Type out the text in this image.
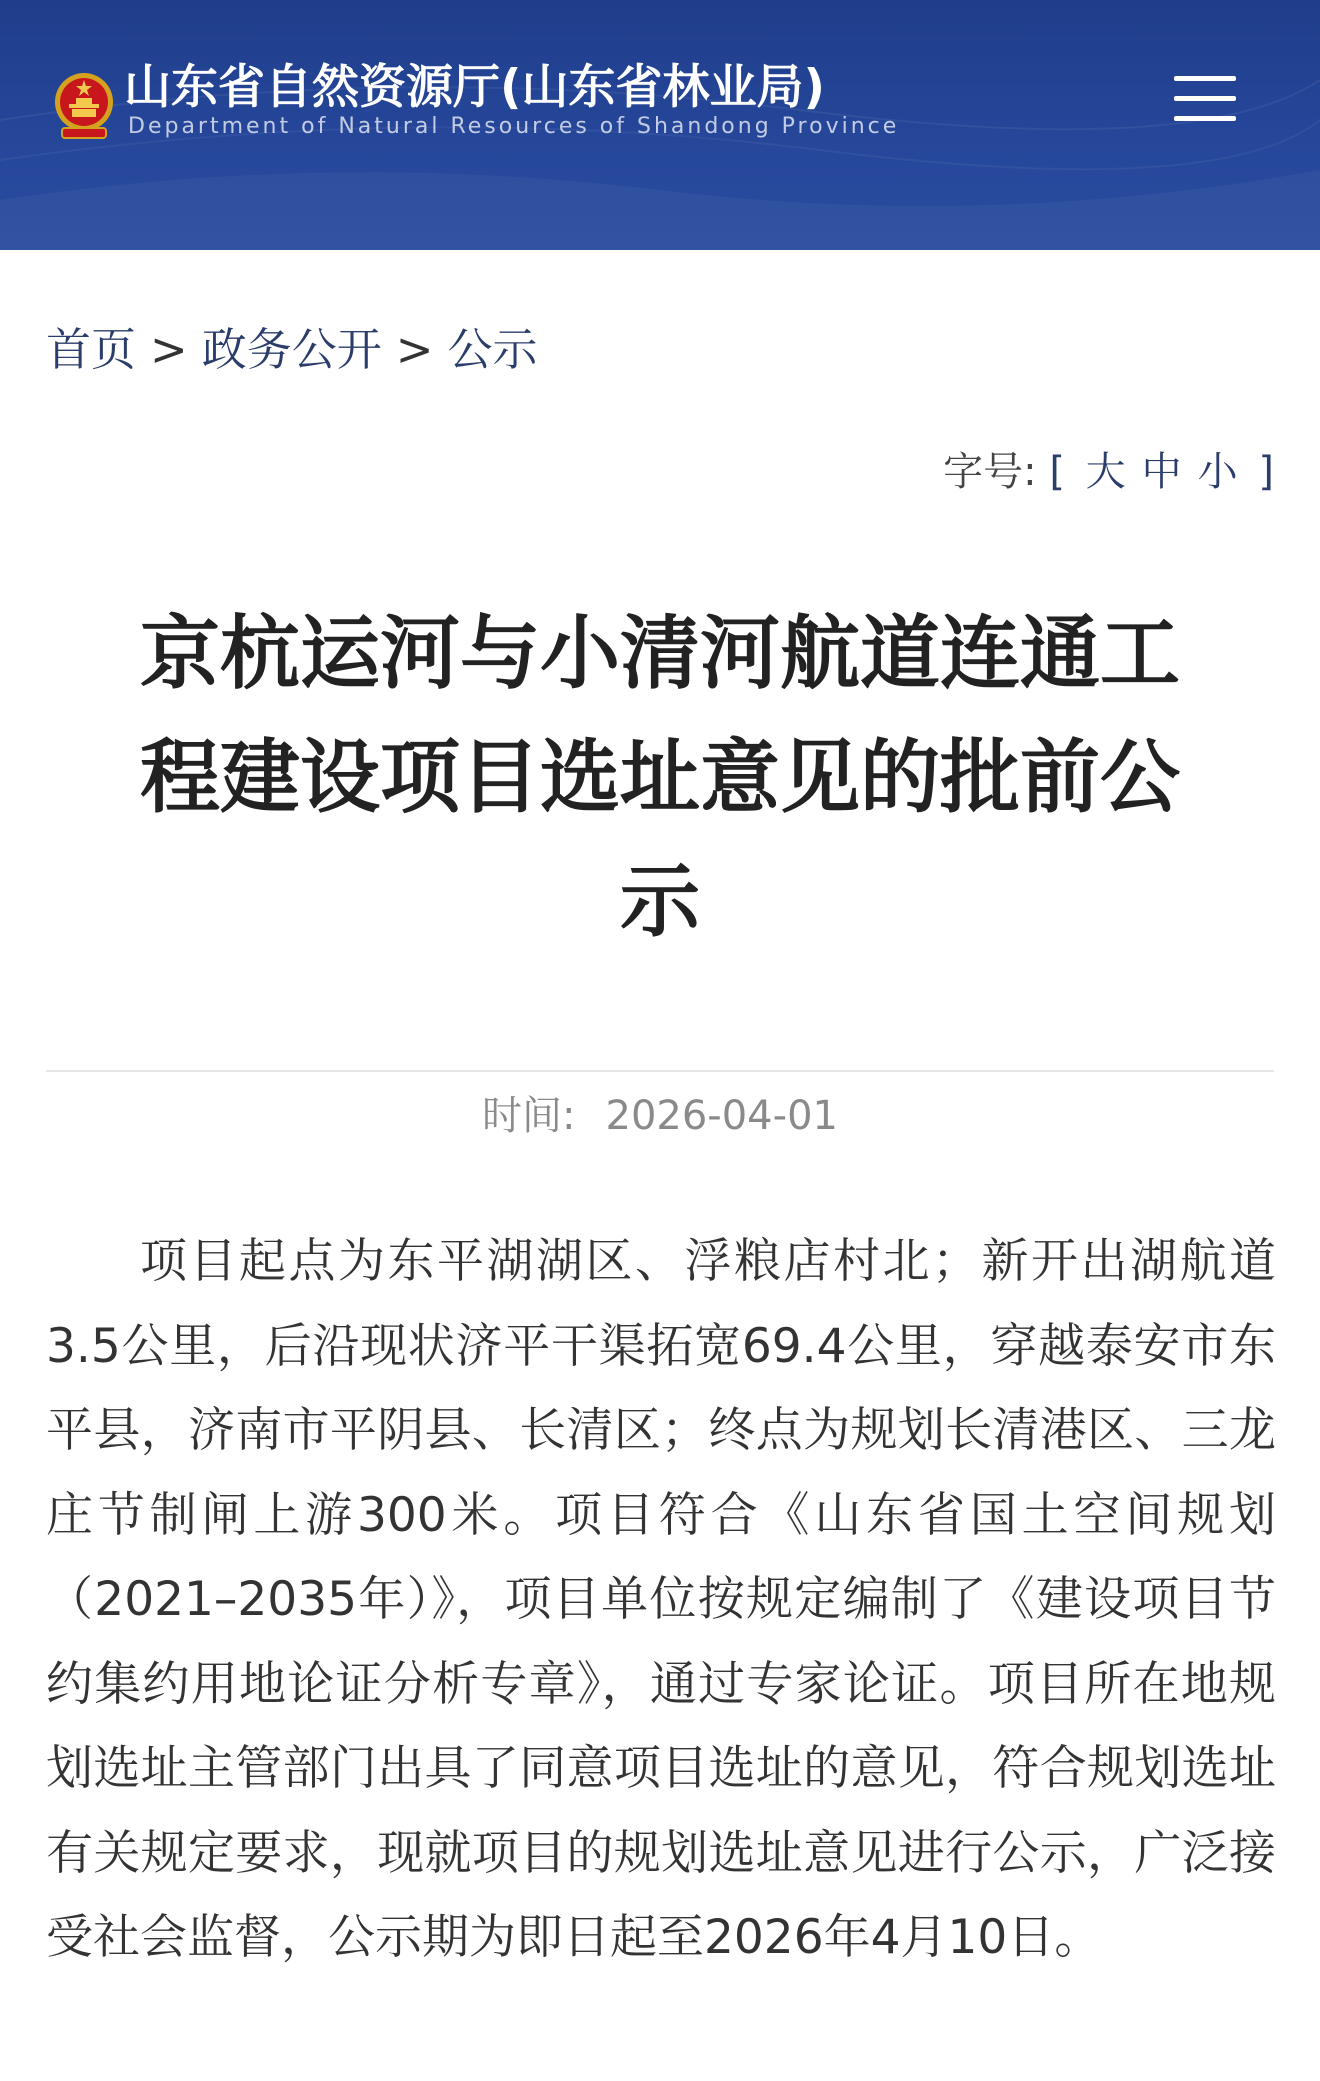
山东省自然资源厅(山东省林业局)
Department of Natural Resources of Shandong Province
首页 > 政务公开 > 公示
字号: [ 大 中 小 ]
京杭运河与小清河航道连通工程建设项目选址意见的批前公示
时间: 2026-04-01
项目起点为东平湖湖区、浮粮店村北；新开出湖航道3.5公里，后沿现状济平干渠拓宽69.4公里，穿越泰安市东平县，济南市平阴县、长清区；终点为规划长清港区、三龙庄节制闸上游300米。项目符合《山东省国土空间规划（2021–2035年）》，项目单位按规定编制了《建设项目节约集约用地论证分析专章》，通过专家论证。项目所在地规划选址主管部门出具了同意项目选址的意见，符合规划选址有关规定要求，现就项目的规划选址意见进行公示，广泛接受社会监督，公示期为即日起至2026年4月10日。
